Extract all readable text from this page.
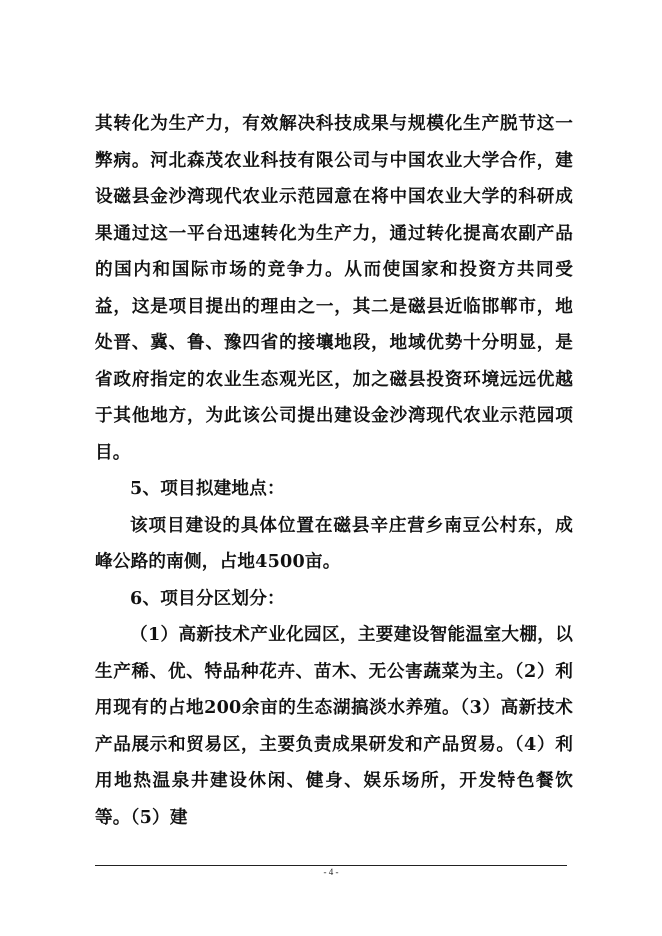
其转化为生产力，有效解决科技成果与规模化生产脱节这一弊病。河北森茂农业科技有限公司与中国农业大学合作，建设磁县金沙湾现代农业示范园意在将中国农业大学的科研成果通过这一平台迅速转化为生产力，通过转化提高农副产品的国内和国际市场的竞争力。从而使国家和投资方共同受益，这是项目提出的理由之一，其二是磁县近临邯郸市，地处晋、冀、鲁、豫四省的接壤地段，地域优势十分明显，是省政府指定的农业生态观光区，加之磁县投资环境远远优越于其他地方，为此该公司提出建设金沙湾现代农业示范园项目。

5、项目拟建地点：

该项目建设的具体位置在磁县辛庄营乡南豆公村东，成峰公路的南侧，占地4500亩。

6、项目分区划分：

（1）高新技术产业化园区，主要建设智能温室大棚，以生产稀、优、特品种花卉、苗木、无公害蔬菜为主。（2）利用现有的占地200余亩的生态湖搞淡水养殖。（3）高新技术产品展示和贸易区，主要负责成果研发和产品贸易。（4）利用地热温泉井建设休闲、健身、娱乐场所，开发特色餐饮等。（5）建

- 4 -
